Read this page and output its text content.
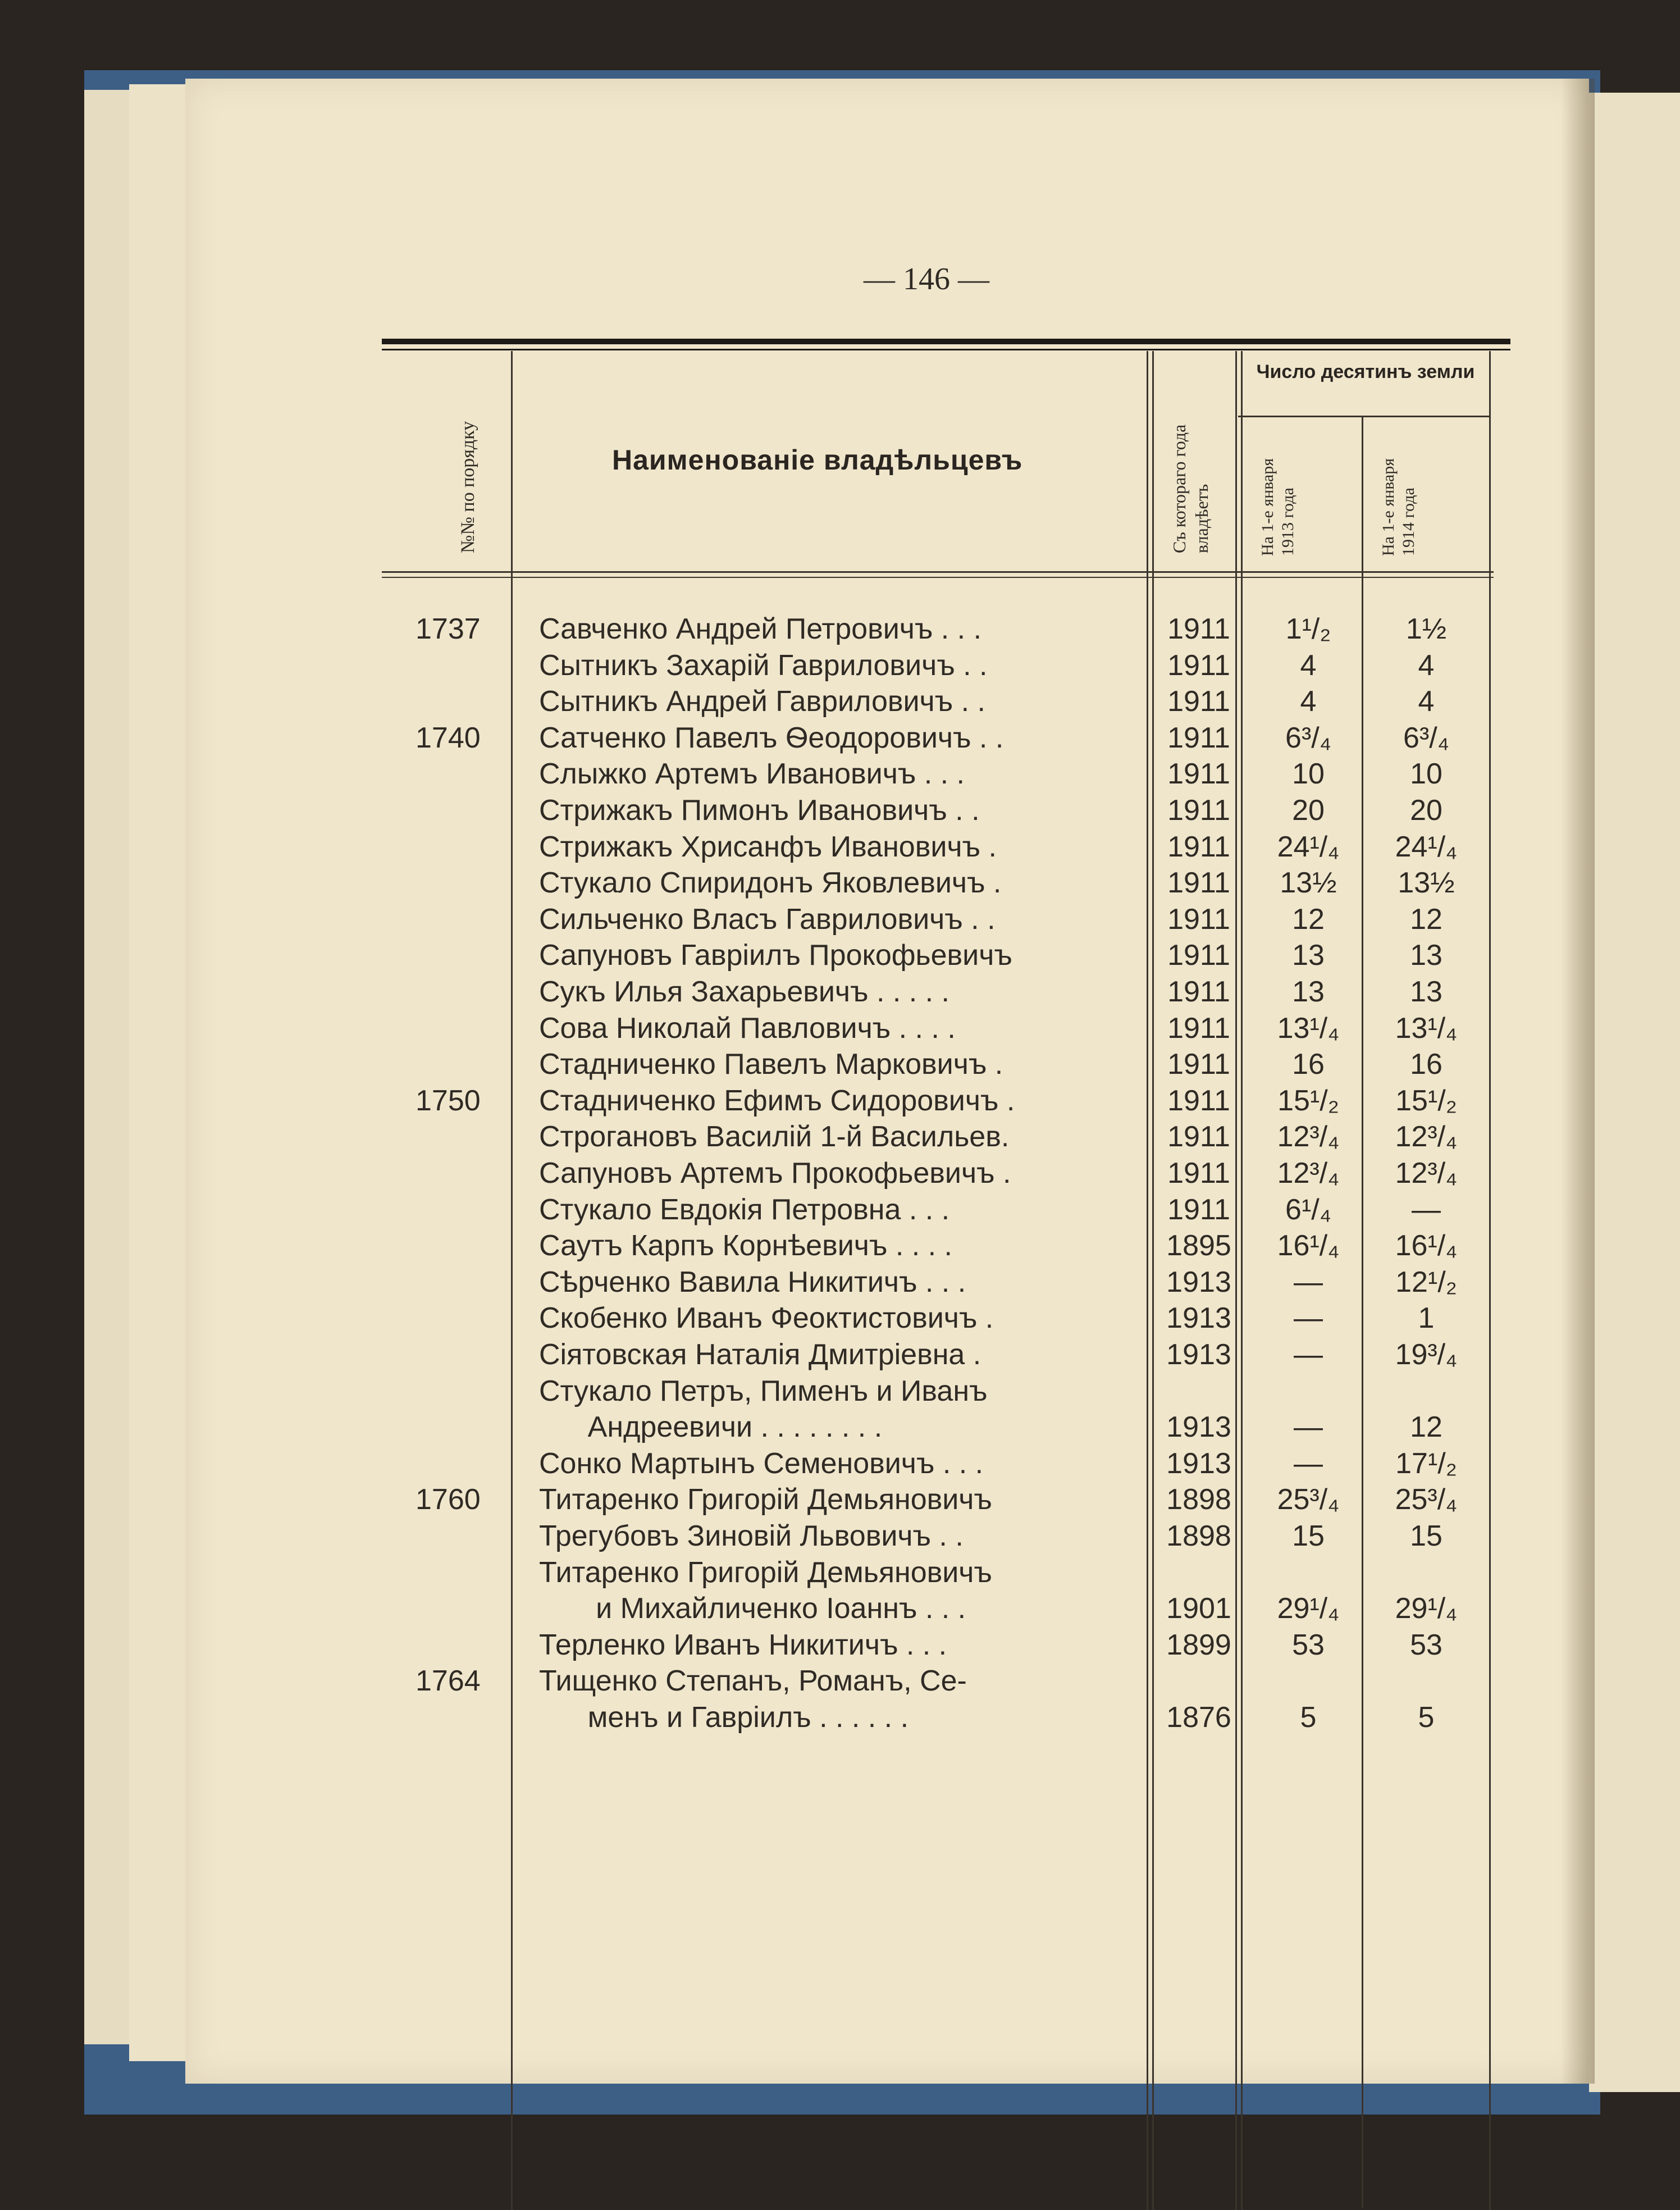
— 146 —
№№ по порядку	Наименованіе владѣльцевъ	Съ котораго года владѣетъ
Число десятинъ земли
На 1-е января 1913 года	На 1-е января 1914 года
1737	Савченко Андрей Петровичъ . . .	1911	1¹/₂	1½
Сытникъ Захарій Гавриловичъ . .	1911	4	4
Сытникъ Андрей Гавриловичъ . .	1911	4	4
1740	Сатченко Павелъ Ѳеодоровичъ . .	1911	6³/₄	6³/₄
Слыжко Артемъ Ивановичъ . . .	1911	10	10
Стрижакъ Пимонъ Ивановичъ . .	1911	20	20
Стрижакъ Хрисанфъ Ивановичъ .	1911	24¹/₄	24¹/₄
Стукало Спиридонъ Яковлевичъ .	1911	13½	13½
Сильченко Власъ Гавриловичъ . .	1911	12	12
Сапуновъ Гавріилъ Прокофьевичъ	1911	13	13
Сукъ Илья Захарьевичъ . . . . .	1911	13	13
Сова Николай Павловичъ . . . .	1911	13¹/₄	13¹/₄
Стадниченко Павелъ Марковичъ .	1911	16	16
1750	Стадниченко Ефимъ Сидоровичъ .	1911	15¹/₂	15¹/₂
Строгановъ Василій 1-й Васильев.	1911	12³/₄	12³/₄
Сапуновъ Артемъ Прокофьевичъ .	1911	12³/₄	12³/₄
Стукало Евдокія Петровна . . .	1911	6¹/₄	—
Саутъ Карпъ Корнѣевичъ . . . .	1895	16¹/₄	16¹/₄
Сѣрченко Вавила Никитичъ . . .	1913	—	12¹/₂
Скобенко Иванъ Феоктистовичъ .	1913	—	1
Сіятовская Наталія Дмитріевна .	1913	—	19³/₄
Стукало Петръ, Пименъ и Иванъ
Андреевичи . . . . . . . .	1913	—	12
Сонко Мартынъ Семеновичъ . . .	1913	—	17¹/₂
1760	Титаренко Григорій Демьяновичъ	1898	25³/₄	25³/₄
Трегубовъ Зиновій Львовичъ . .	1898	15	15
Титаренко Григорій Демьяновичъ
и Михайличенко Іоаннъ . . .	1901	29¹/₄	29¹/₄
Терленко Иванъ Никитичъ . . .	1899	53	53
1764	Тищенко Степанъ, Романъ, Се-
менъ и Гавріилъ . . . . . .	1876	5	5
